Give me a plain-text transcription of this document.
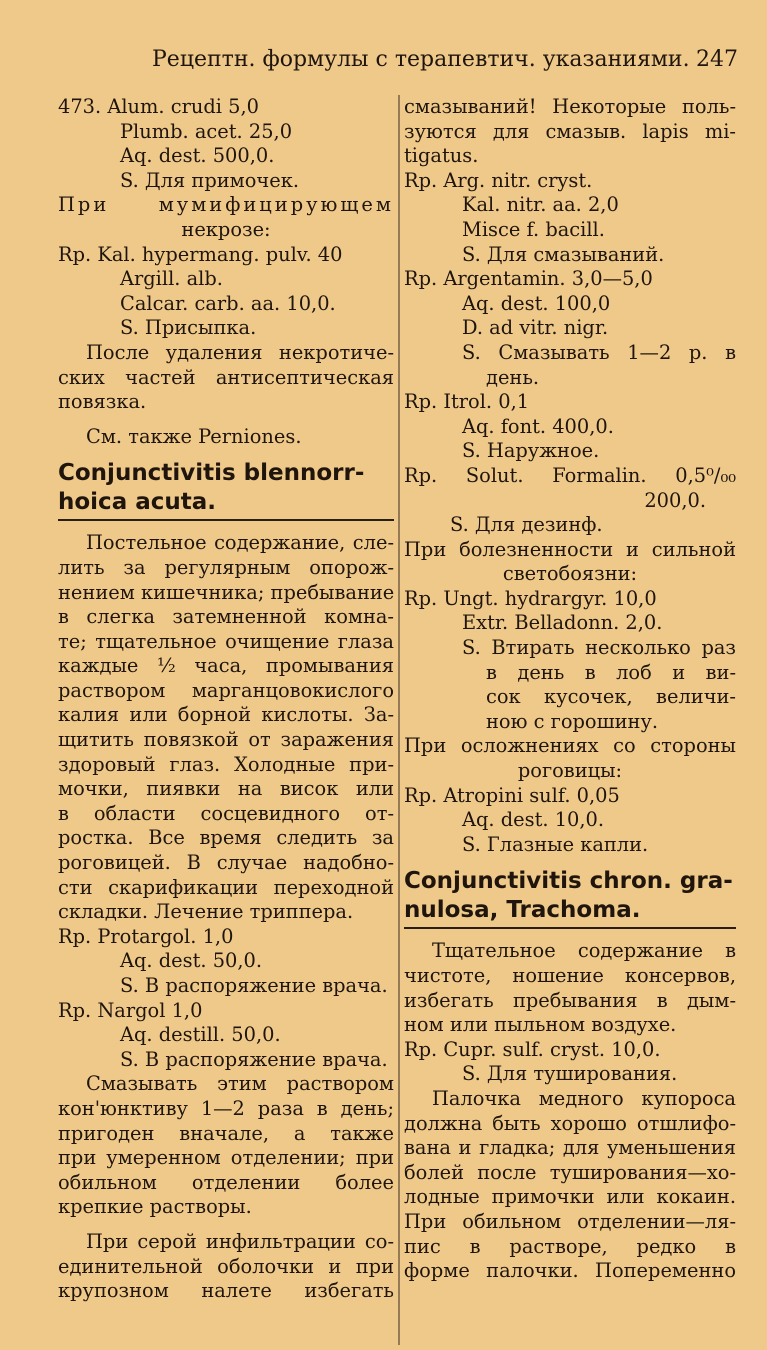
Рецептн. формулы с терапевтич. указаниями. 247
473. Alum. crudi 5,0
Plumb. acet. 25,0
Aq. dest. 500,0.
S. Для примочек.
При мумифицирующем
некрозе:
Rp. Kal. hypermang. pulv. 40
Argill. alb.
Calcar. carb. aa. 10,0.
S. Присыпка.
После удаления некротиче-
ских частей антисептическая
повязка.
См. также Perniones.
Conjunctivitis blennorr-
hoica acuta.
Постельное содержание, сле-
лить за регулярным опорож-
нением кишечника; пребывание
в слегка затемненной комна-
те; тщательное очищение глаза
каждые ½ часа, промывания
раствором марганцовокислого
калия или борной кислоты. За-
щитить повязкой от заражения
здоровый глаз. Холодные при-
мочки, пиявки на висок или
в области сосцевидного от-
ростка. Все время следить за
роговицей. В случае надобно-
сти скарификации переходной
складки. Лечение триппера.
Rp. Protargol. 1,0
Aq. dest. 50,0.
S. В распоряжение врача.
Rp. Nargol 1,0
Aq. destill. 50,0.
S. В распоряжение врача.
Смазывать этим раствором
кон'юнктиву 1—2 раза в день;
пригоден вначале, а также
при умеренном отделении; при
обильном отделении более
крепкие растворы.
При серой инфильтрации со-
единительной оболочки и при
крупозном налете избегать
смазываний! Некоторые поль-
зуются для смазыв. lapis mi-
tigatus.
Rp. Arg. nitr. cryst.
Kal. nitr. aa. 2,0
Misce f. bacill.
S. Для смазываний.
Rp. Argentamin. 3,0—5,0
Aq. dest. 100,0
D. ad vitr. nigr.
S. Смазывать 1—2 р. в
день.
Rp. Itrol. 0,1
Aq. font. 400,0.
S. Наружное.
Rp. Solut. Formalin. 0,5⁰/₀₀
200,0.
S. Для дезинф.
При болезненности и сильной
светобоязни:
Rp. Ungt. hydrargyr. 10,0
Extr. Belladonn. 2,0.
S. Втирать несколько раз
в день в лоб и ви-
сок кусочек, величи-
ною с горошину.
При осложнениях со стороны
роговицы:
Rp. Atropini sulf. 0,05
Aq. dest. 10,0.
S. Глазные капли.
Conjunctivitis chron. gra-
nulosa, Trachoma.
Тщательное содержание в
чистоте, ношение консервов,
избегать пребывания в дым-
ном или пыльном воздухе.
Rp. Cupr. sulf. cryst. 10,0.
S. Для туширования.
Палочка медного купороса
должна быть хорошо отшлифо-
вана и гладка; для уменьшения
болей после туширования—хо-
лодные примочки или кокаин.
При обильном отделении—ля-
пис в растворе, редко в
форме палочки. Попеременно
